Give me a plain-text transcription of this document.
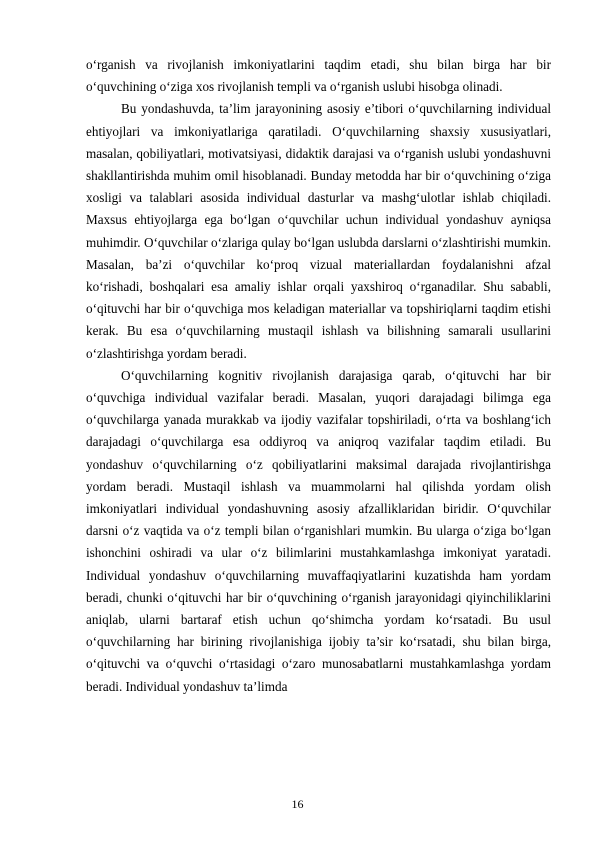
o‘rganish va rivojlanish imkoniyatlarini taqdim etadi, shu bilan birga har bir o‘quvchining o‘ziga xos rivojlanish templi va o‘rganish uslubi hisobga olinadi.

Bu yondashuvda, ta’lim jarayonining asosiy e’tibori o‘quvchilarning individual ehtiyojlari va imkoniyatlariga qaratiladi. O‘quvchilarning shaxsiy xususiyatlari, masalan, qobiliyatlari, motivatsiyasi, didaktik darajasi va o‘rganish uslubi yondashuvni shakllantirishda muhim omil hisoblanadi. Bunday metodda har bir o‘quvchining o‘ziga xosligi va talablari asosida individual dasturlar va mashg‘ulotlar ishlab chiqiladi. Maxsus ehtiyojlarga ega bo‘lgan o‘quvchilar uchun individual yondashuv ayniqsa muhimdir. O‘quvchilar o‘zlariga qulay bo‘lgan uslubda darslarni o‘zlashtirishi mumkin. Masalan, ba’zi o‘quvchilar ko‘proq vizual materiallardan foydalanishni afzal ko‘rishadi, boshqalari esa amaliy ishlar orqali yaxshiroq o‘rganadilar. Shu sababli, o‘qituvchi har bir o‘quvchiga mos keladigan materiallar va topshiriqlarni taqdim etishi kerak. Bu esa o‘quvchilarning mustaqil ishlash va bilishning samarali usullarini o‘zlashtirishga yordam beradi.

O‘quvchilarning kognitiv rivojlanish darajasiga qarab, o‘qituvchi har bir o‘quvchiga individual vazifalar beradi. Masalan, yuqori darajadagi bilimga ega o‘quvchilarga yanada murakkab va ijodiy vazifalar topshiriladi, o‘rta va boshlang‘ich darajadagi o‘quvchilarga esa oddiyroq va aniqroq vazifalar taqdim etiladi. Bu yondashuv o‘quvchilarning o‘z qobiliyatlarini maksimal darajada rivojlantirishga yordam beradi. Mustaqil ishlash va muammolarni hal qilishda yordam olish imkoniyatlari individual yondashuvning asosiy afzalliklaridan biridir. O‘quvchilar darsni o‘z vaqtida va o‘z templi bilan o‘rganishlari mumkin. Bu ularga o‘ziga bo‘lgan ishonchini oshiradi va ular o‘z bilimlarini mustahkamlashga imkoniyat yaratadi. Individual yondashuv o‘quvchilarning muvaffaqiyatlarini kuzatishda ham yordam beradi, chunki o‘qituvchi har bir o‘quvchining o‘rganish jarayonidagi qiyinchiliklarini aniqlab, ularni bartaraf etish uchun qo‘shimcha yordam ko‘rsatadi. Bu usul o‘quvchilarning har birining rivojlanishiga ijobiy ta’sir ko‘rsatadi, shu bilan birga, o‘qituvchi va o‘quvchi o‘rtasidagi o‘zaro munosabatlarni mustahkamlashga yordam beradi. Individual yondashuv ta’limda

16
